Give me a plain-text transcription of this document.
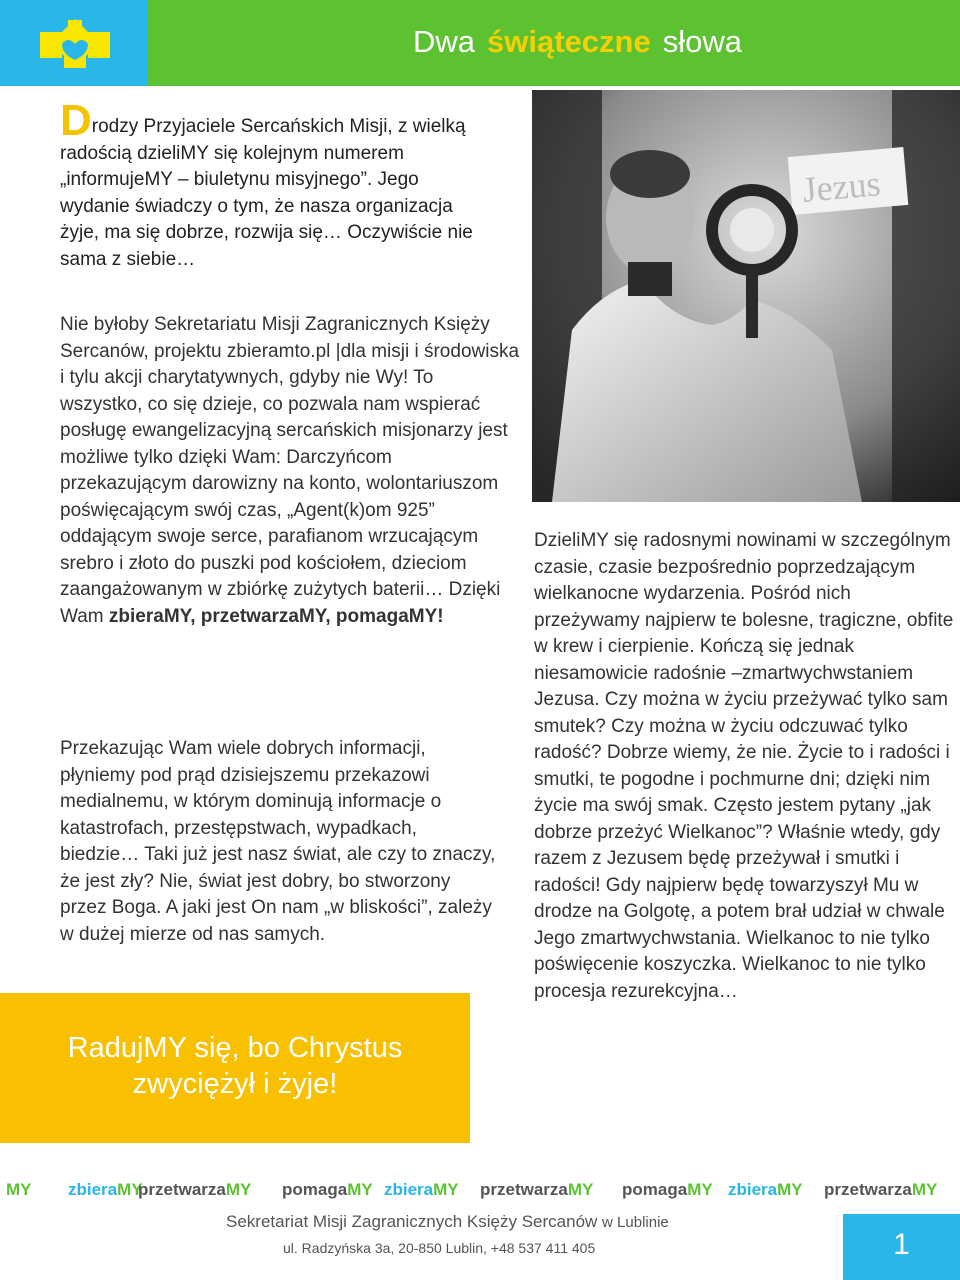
Dwa świąteczne słowa
Drodzy Przyjaciele Sercańskich Misji, z wielką radością dzieliMY się kolejnym numerem „informujeMY – biuletynu misyjnego”. Jego wydanie świadczy o tym, że nasza organizacja żyje, ma się dobrze, rozwija się… Oczywiście nie sama z siebie…
Jezus
Nie byłoby Sekretariatu Misji Zagranicznych Księży Sercanów, projektu zbieramto.pl |dla misji i środowiska i tylu akcji charytatywnych, gdyby nie Wy! To wszystko, co się dzieje, co pozwala nam wspierać posługę ewangelizacyjną sercańskich misjonarzy jest możliwe tylko dzięki Wam: Darczyńcom przekazującym darowizny na konto, wolontariuszom poświęcającym swój czas, „Agent(k)om 925” oddającym swoje serce, parafianom wrzucającym srebro i złoto do puszki pod kościołem, dzieciom zaangażowanym w zbiórkę zużytych baterii… Dzięki Wam zbieraMY, przetwarzaMY, pomagaMY!
Przekazując Wam wiele dobrych informacji, płyniemy pod prąd dzisiejszemu przekazowi medialnemu, w którym dominują informacje o katastrofach, przestępstwach, wypadkach, biedzie… Taki już jest nasz świat, ale czy to znaczy, że jest zły? Nie, świat jest dobry, bo stworzony przez Boga. A jaki jest On nam „w bliskości”, zależy w dużej mierze od nas samych.
DzieliMY się radosnymi nowinami w szczególnym czasie, czasie bezpośrednio poprzedzającym wielkanocne wydarzenia. Pośród nich przeżywamy najpierw te bolesne, tragiczne, obfite w krew i cierpienie. Kończą się jednak niesamowicie radośnie –zmartwychwstaniem Jezusa. Czy można w życiu przeżywać tylko sam smutek? Czy można w życiu odczuwać tylko radość? Dobrze wiemy, że nie. Życie to i radości i smutki, te pogodne i pochmurne dni; dzięki nim życie ma swój smak. Często jestem pytany „jak dobrze przeżyć Wielkanoc”? Właśnie wtedy, gdy razem z Jezusem będę przeżywał i smutki i radości! Gdy najpierw będę towarzyszył Mu w drodze na Golgotę, a potem brał udział w chwale Jego zmartwychwstania. Wielkanoc to nie tylko poświęcenie koszyczka. Wielkanoc to nie tylko procesja rezurekcyjna…
RadujMY się, bo Chrystus
zwyciężył i żyje!
MY zbieraMY
przetwarzaMY pomagaMY zbieraMY przetwarzaMY pomagaMY zbieraMY przetwarzaMY
Sekretariat Misji Zagranicznych Księży Sercanów w Lublinie
ul. Radzyńska 3a, 20-850 Lublin, +48 537 411 405	1
